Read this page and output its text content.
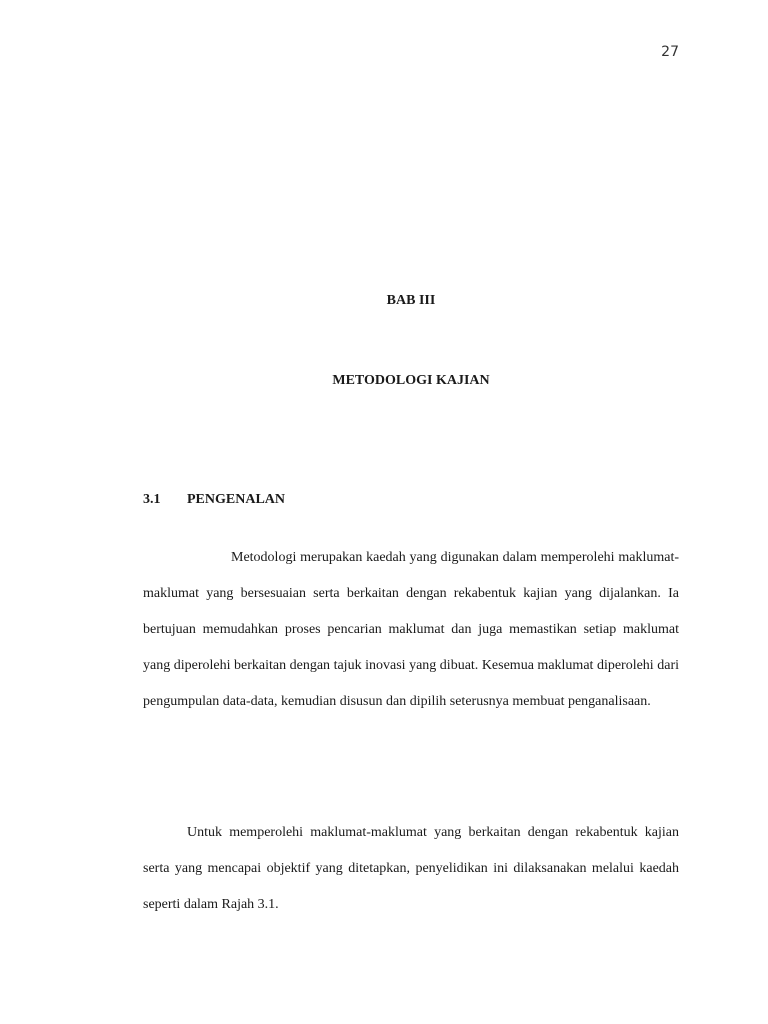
27
BAB III
METODOLOGI KAJIAN
3.1 PENGENALAN

Metodologi merupakan kaedah yang digunakan dalam memperolehi maklumat-maklumat yang bersesuaian serta berkaitan dengan rekabentuk kajian yang dijalankan. Ia bertujuan memudahkan proses pencarian maklumat dan juga memastikan setiap maklumat yang diperolehi berkaitan dengan tajuk inovasi yang dibuat. Kesemua maklumat diperolehi dari pengumpulan data-data, kemudian disusun dan dipilih seterusnya membuat penganalisaan.

Untuk memperolehi maklumat-maklumat yang berkaitan dengan rekabentuk kajian serta yang mencapai objektif yang ditetapkan, penyelidikan ini dilaksanakan melalui kaedah seperti dalam Rajah 3.1.
